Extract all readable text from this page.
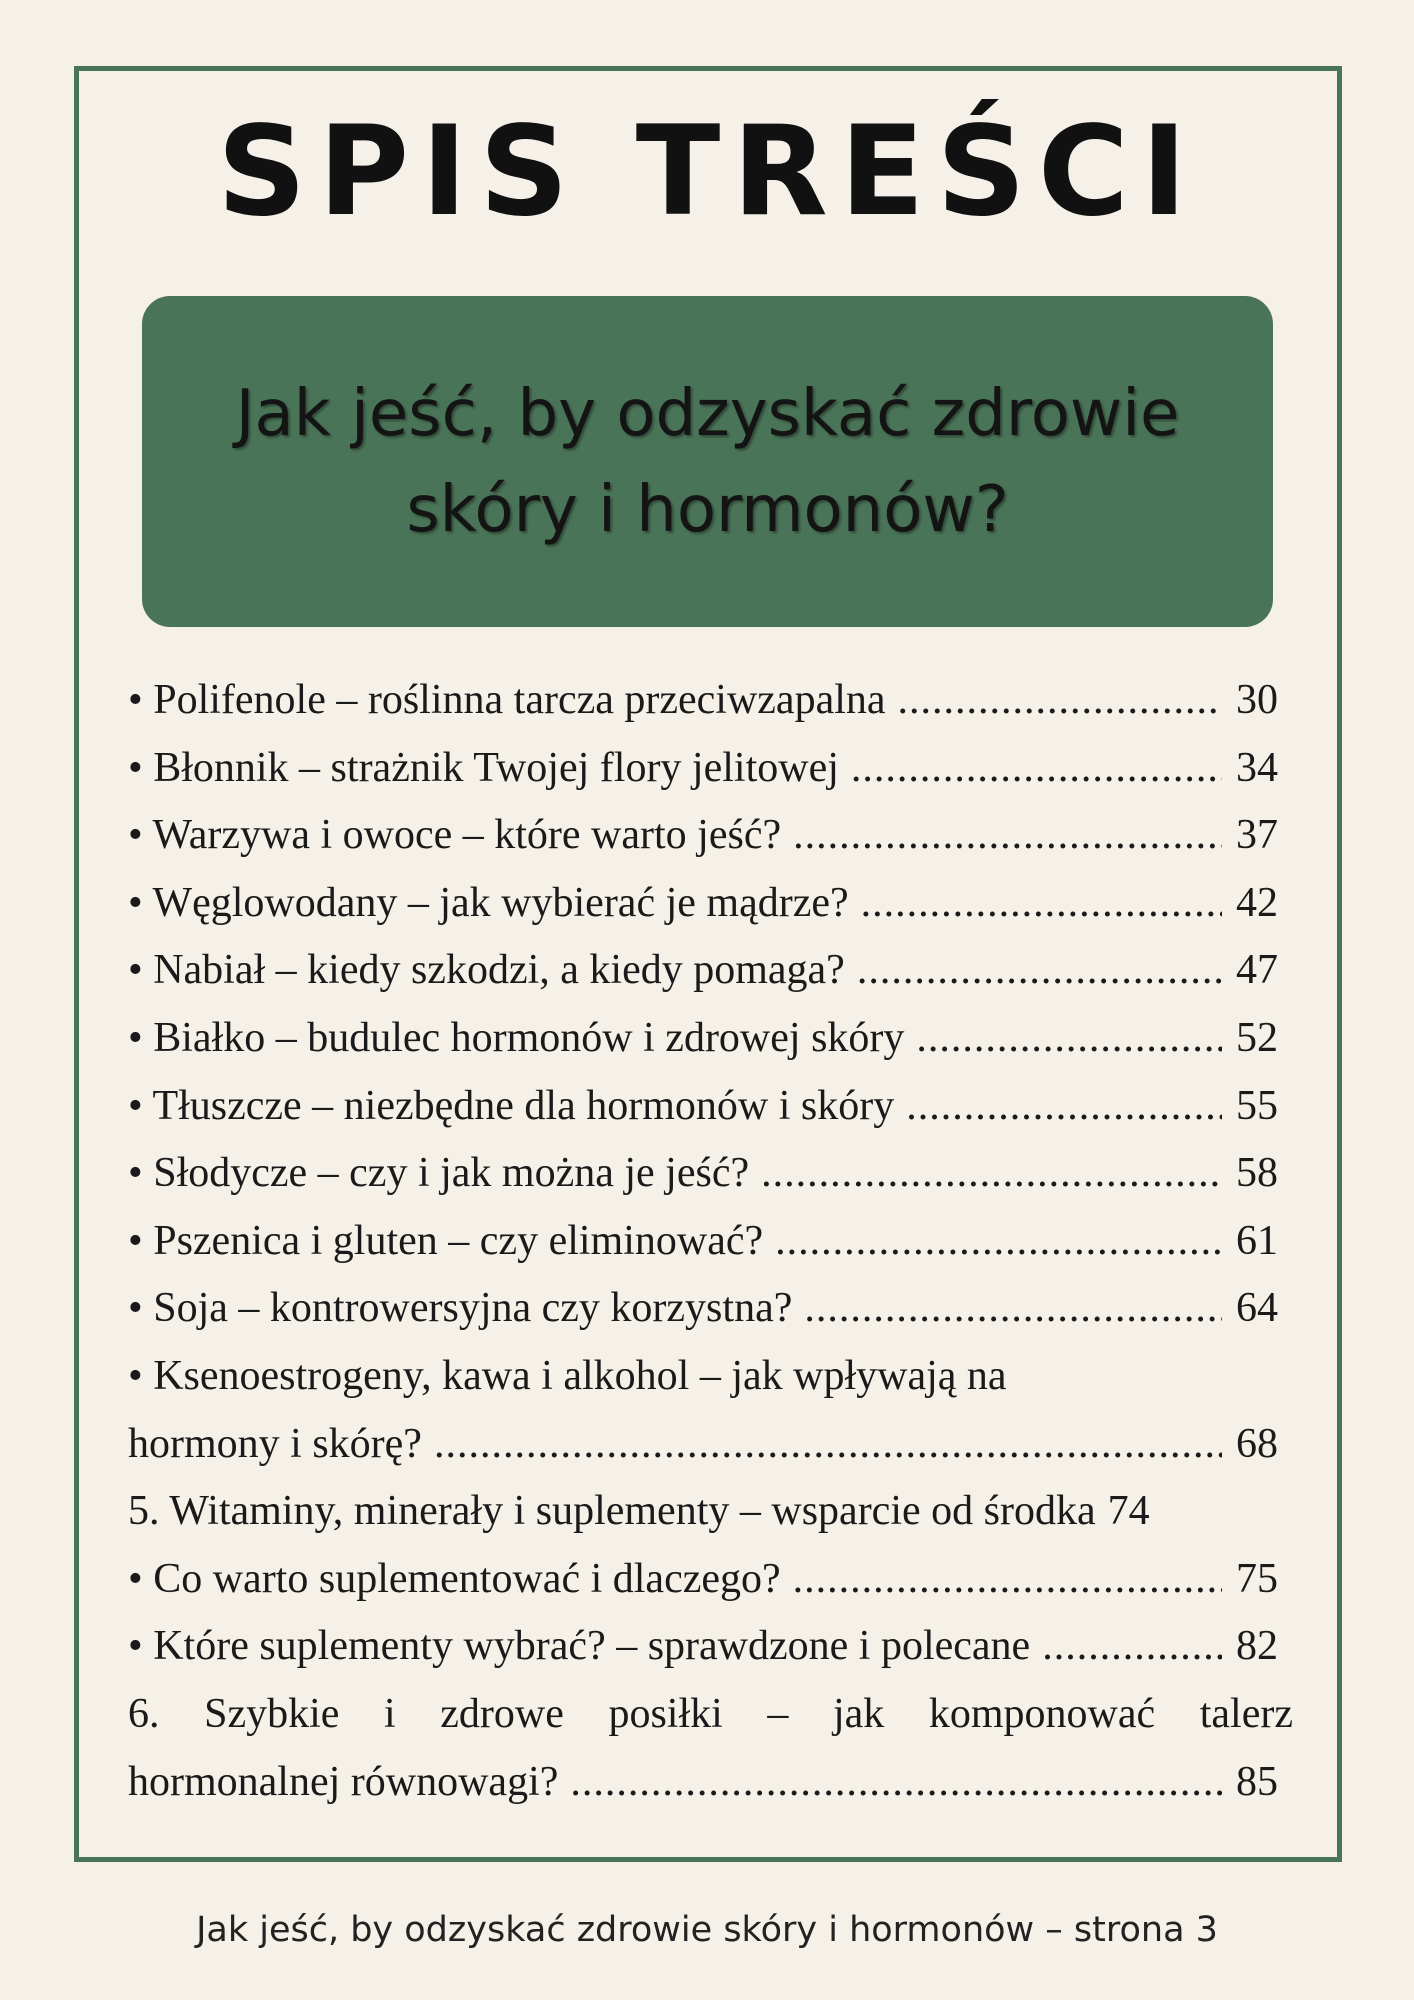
SPIS TREŚCI
Jak jeść, by odzyskać zdrowie
skóry i hormonów?
• Polifenole – roślinna tarcza przeciwzapalna .....	30
• Błonnik – strażnik Twojej flory jelitowej .....	34
• Warzywa i owoce – które warto jeść? .....	37
• Węglowodany – jak wybierać je mądrze? .....	42
• Nabiał – kiedy szkodzi, a kiedy pomaga? .....	47
• Białko – budulec hormonów i zdrowej skóry .....	52
• Tłuszcze – niezbędne dla hormonów i skóry .....	55
• Słodycze – czy i jak można je jeść? .....	58
• Pszenica i gluten – czy eliminować? .....	61
• Soja – kontrowersyjna czy korzystna? .....	64
• Ksenoestrogeny, kawa i alkohol – jak wpływają na
hormony i skórę? .....	68
5. Witaminy, minerały i suplementy – wsparcie od środka 74
• Co warto suplementować i dlaczego? .....	75
• Które suplementy wybrać? – sprawdzone i polecane .....	82
6. Szybkie i zdrowe posiłki – jak komponować talerz
hormonalnej równowagi? .....	85
Jak jeść, by odzyskać zdrowie skóry i hormonów – strona 3
